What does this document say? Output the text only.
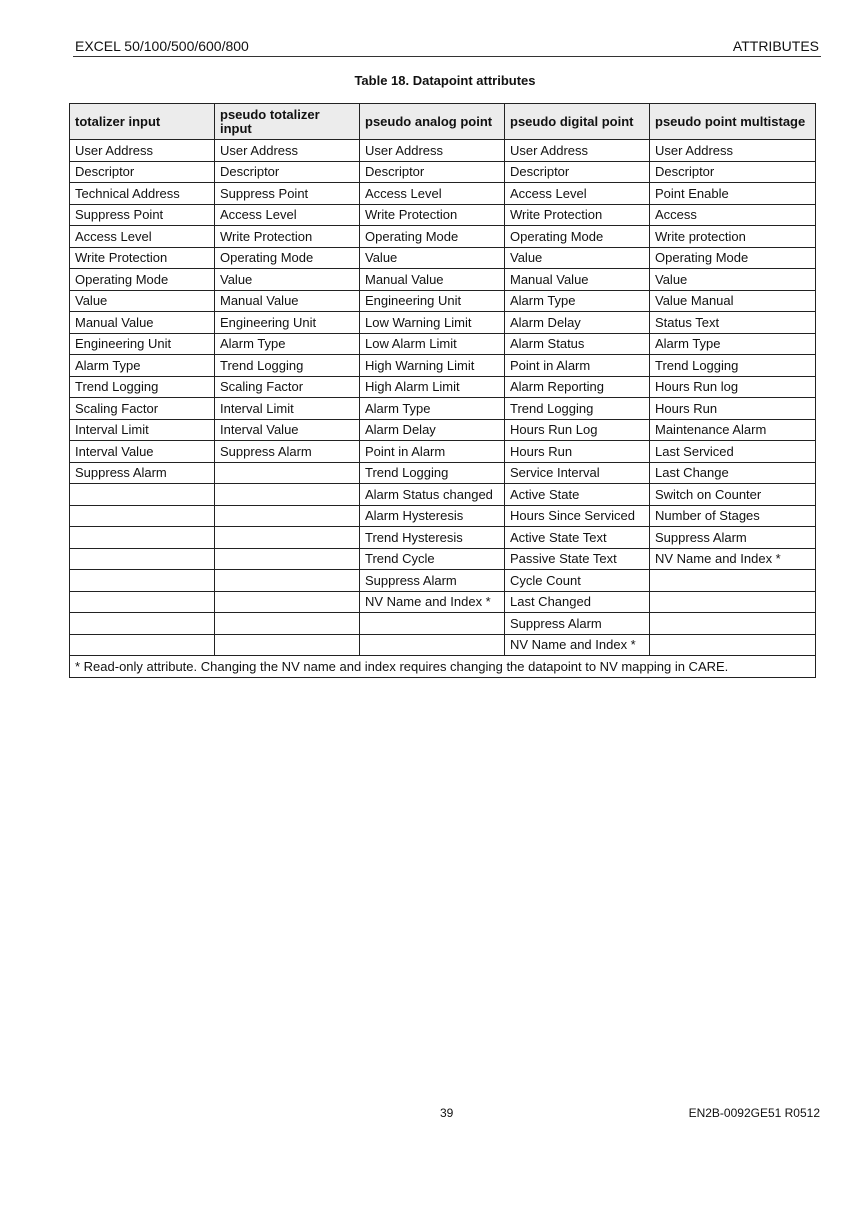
EXCEL 50/100/500/600/800	ATTRIBUTES
Table 18. Datapoint attributes
totalizer input	pseudo totalizer input	pseudo analog point	pseudo digital point	pseudo point multistage
User Address	User Address	User Address	User Address	User Address
Descriptor	Descriptor	Descriptor	Descriptor	Descriptor
Technical Address	Suppress Point	Access Level	Access Level	Point Enable
Suppress Point	Access Level	Write Protection	Write Protection	Access
Access Level	Write Protection	Operating Mode	Operating Mode	Write protection
Write Protection	Operating Mode	Value	Value	Operating Mode
Operating Mode	Value	Manual Value	Manual Value	Value
Value	Manual Value	Engineering Unit	Alarm Type	Value Manual
Manual Value	Engineering Unit	Low Warning Limit	Alarm Delay	Status Text
Engineering Unit	Alarm Type	Low Alarm Limit	Alarm Status	Alarm Type
Alarm Type	Trend Logging	High Warning Limit	Point in Alarm	Trend Logging
Trend Logging	Scaling Factor	High Alarm Limit	Alarm Reporting	Hours Run log
Scaling Factor	Interval Limit	Alarm Type	Trend Logging	Hours Run
Interval Limit	Interval Value	Alarm Delay	Hours Run Log	Maintenance Alarm
Interval Value	Suppress Alarm	Point in Alarm	Hours Run	Last Serviced
Suppress Alarm		Trend Logging	Service Interval	Last Change
		Alarm Status changed	Active State	Switch on Counter
		Alarm Hysteresis	Hours Since Serviced	Number of Stages
		Trend Hysteresis	Active State Text	Suppress Alarm
		Trend Cycle	Passive State Text	NV Name and Index *
		Suppress Alarm	Cycle Count	
		NV Name and Index *	Last Changed	
			Suppress Alarm	
			NV Name and Index *	
* Read-only attribute. Changing the NV name and index requires changing the datapoint to NV mapping in CARE.				
39	EN2B-0092GE51 R0512
